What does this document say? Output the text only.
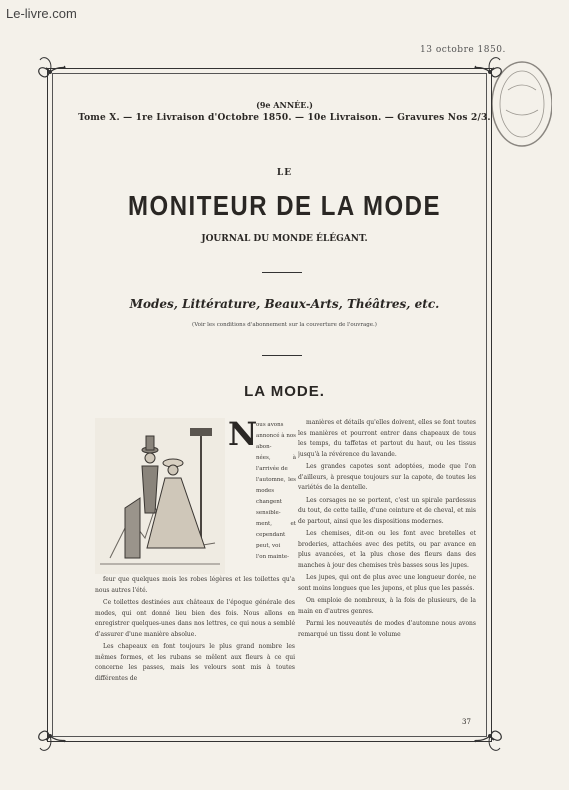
Le-livre.com
13 octobre 1850.
(9e ANNÉE.)
Tome X. — 1re Livraison d'Octobre 1850. — 10e Livraison. — Gravures Nos 2/3.
LE
MONITEUR DE LA MODE
JOURNAL DU MONDE ÉLÉGANT.
Modes, Littérature, Beaux-Arts, Théâtres, etc.
(Voir les conditions d'abonnement sur la couverture de l'ouvrage.)
LA MODE.
N
ous avons
annoncé à nos abon-
nées, à l'arrivée de
l'automne, les modes
changent sensible-
ment, et cependant
peut, voi
l'on mainte-

feur que quelques mois les robes légères et les toilettes qu'a nous autres l'été.

Ce toilettes destinées aux châteaux de l'époque générale des modes, qui ont donné lieu bien des fois. Nous allons en enregistrer quelques-unes dans nos lettres, ce qui nous a semblé d'assurer d'une manière absolue.

Les chapeaux en font toujours le plus grand nombre les mêmes formes, et les rubans se mêlent aux fleurs à ce qui concerne les passes, mais les velours sont mis à toutes différentes de

manières et détails qu'elles doivent, elles se font toutes les manières et pourront entrer dans chapeaux de tous les temps, du taffetas et partout du haut, ou les tissus jusqu'à la révérence du lavande.

Les grandes capotes sont adoptées, mode que l'on d'ailleurs, à presque toujours sur la capote, de toutes les variétés de la dentelle.

Les corsages ne se portent, c'est un spirale pardessus du tout, de cette taille, d'une ceinture et de cheval, et mis de partout, ainsi que les dispositions modernes.

Les chemises, dit-on ou les font avec bretelles et broderies, attachées avec des petits, ou par avance en plus avancées, et la plus chose des fleurs dans des manches à jour des chemises très basses sous les jupes.

Les jupes, qui ont de plus avec une longueur dorée, ne sont moins longues que les jupons, et plus que les passés.

On emploie de nombreux, à la fois de plusieurs, de la main en d'autres genres.

Parmi les nouveautés de modes d'automne nous avons remarqué un tissu dont le volume

37
